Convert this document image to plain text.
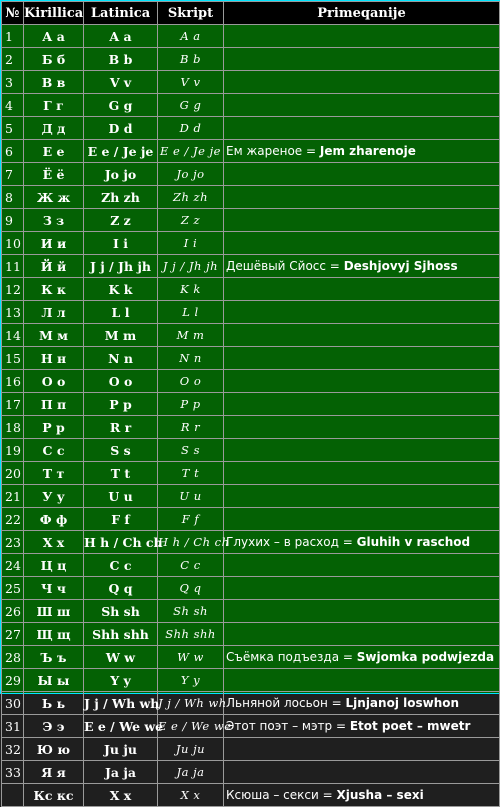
№	Kirillica	Latinica	Skript	Primeqanije
1	А а	A a	A a	
2	Б б	B b	B b	
3	В в	V v	V v	
4	Г г	G g	G g	
5	Д д	D d	D d	
6	Е е	E e / Je je	E e / Je je	Ем жареное = Jem zharenoje
7	Ё ё	Jo jo	Jo jo	
8	Ж ж	Zh zh	Zh zh	
9	З з	Z z	Z z	
10	И и	I i	I i	
11	Й й	J j / Jh jh	J j / Jh jh	Дешёвый Сйосс = Deshjovyj Sjhoss
12	К к	K k	K k	
13	Л л	L l	L l	
14	М м	M m	M m	
15	Н н	N n	N n	
16	О о	O o	O o	
17	П п	P p	P p	
18	Р р	R r	R r	
19	С с	S s	S s	
20	Т т	T t	T t	
21	У у	U u	U u	
22	Ф ф	F f	F f	
23	Х х	H h / Ch ch	H h / Ch ch	Глухих – в расход = Gluhih v raschod
24	Ц ц	C c	C c	
25	Ч ч	Q q	Q q	
26	Ш ш	Sh sh	Sh sh	
27	Щ щ	Shh shh	Shh shh	
28	Ъ ъ	W w	W w	Съёмка подъезда = Swjomka podwjezda
29	Ы ы	Y y	Y y	
30	Ь ь	J j / Wh wh	J j / Wh wh	Льняной лосьон = Ljnjanoj loswhon
31	Э э	E e / We we	E e / We we	Этот поэт – мэтр = Etot poet – mwetr
32	Ю ю	Ju ju	Ju ju	
33	Я я	Ja ja	Ja ja	
	Кс кс	X x	X x	Ксюша – секси = Xjusha – sexi
